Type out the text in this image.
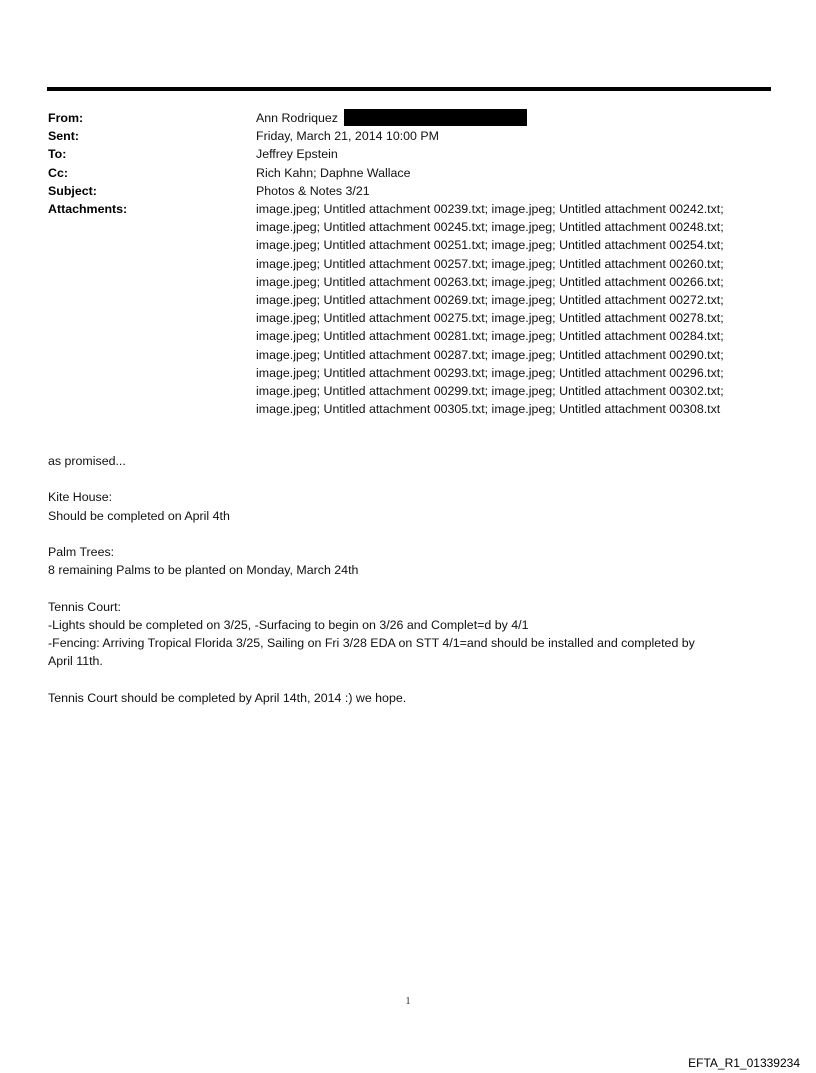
From:	Ann Rodriquez
Sent:	Friday, March 21, 2014 10:00 PM
To:	Jeffrey Epstein
Cc:	Rich Kahn; Daphne Wallace
Subject:	Photos & Notes 3/21
Attachments:	image.jpeg; Untitled attachment 00239.txt; image.jpeg; Untitled attachment 00242.txt;
image.jpeg; Untitled attachment 00245.txt; image.jpeg; Untitled attachment 00248.txt;
image.jpeg; Untitled attachment 00251.txt; image.jpeg; Untitled attachment 00254.txt;
image.jpeg; Untitled attachment 00257.txt; image.jpeg; Untitled attachment 00260.txt;
image.jpeg; Untitled attachment 00263.txt; image.jpeg; Untitled attachment 00266.txt;
image.jpeg; Untitled attachment 00269.txt; image.jpeg; Untitled attachment 00272.txt;
image.jpeg; Untitled attachment 00275.txt; image.jpeg; Untitled attachment 00278.txt;
image.jpeg; Untitled attachment 00281.txt; image.jpeg; Untitled attachment 00284.txt;
image.jpeg; Untitled attachment 00287.txt; image.jpeg; Untitled attachment 00290.txt;
image.jpeg; Untitled attachment 00293.txt; image.jpeg; Untitled attachment 00296.txt;
image.jpeg; Untitled attachment 00299.txt; image.jpeg; Untitled attachment 00302.txt;
image.jpeg; Untitled attachment 00305.txt; image.jpeg; Untitled attachment 00308.txt
as promised...
Kite House:
Should be completed on April 4th
Palm Trees:
8 remaining Palms to be planted on Monday, March 24th
Tennis Court:
-Lights should be completed on 3/25, -Surfacing to begin on 3/26 and Complet=d by 4/1
-Fencing: Arriving Tropical Florida 3/25, Sailing on Fri 3/28 EDA on STT 4/1=and should be installed and completed by
April 11th.
Tennis Court should be completed by April 14th, 2014 :) we hope.
1
EFTA_R1_01339234
